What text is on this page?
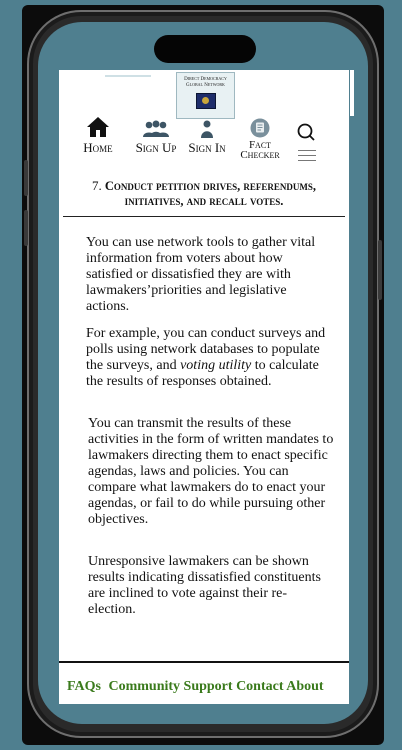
Direct Democracy
Global Network
Home	Sign Up Sign In	Fact
Checker
7. Conduct petition drives, referendums, initiatives, and recall votes.

You can use network tools to gather vital information from voters about how satisfied or dissatisfied they are with lawmakers’priorities and legislative actions.

For example, you can conduct surveys and polls using network databases to populate the surveys, and voting utility to calculate the results of responses obtained.

You can transmit the results of these activities in the form of written mandates to lawmakers directing them to enact specific agendas, laws and policies. You can compare what lawmakers do to enact your agendas, or fail to do while pursuing other objectives.

Unresponsive lawmakers can be shown results indicating dissatisfied constituents are inclined to vote against their re-election.

FAQs Community Support Contact About
